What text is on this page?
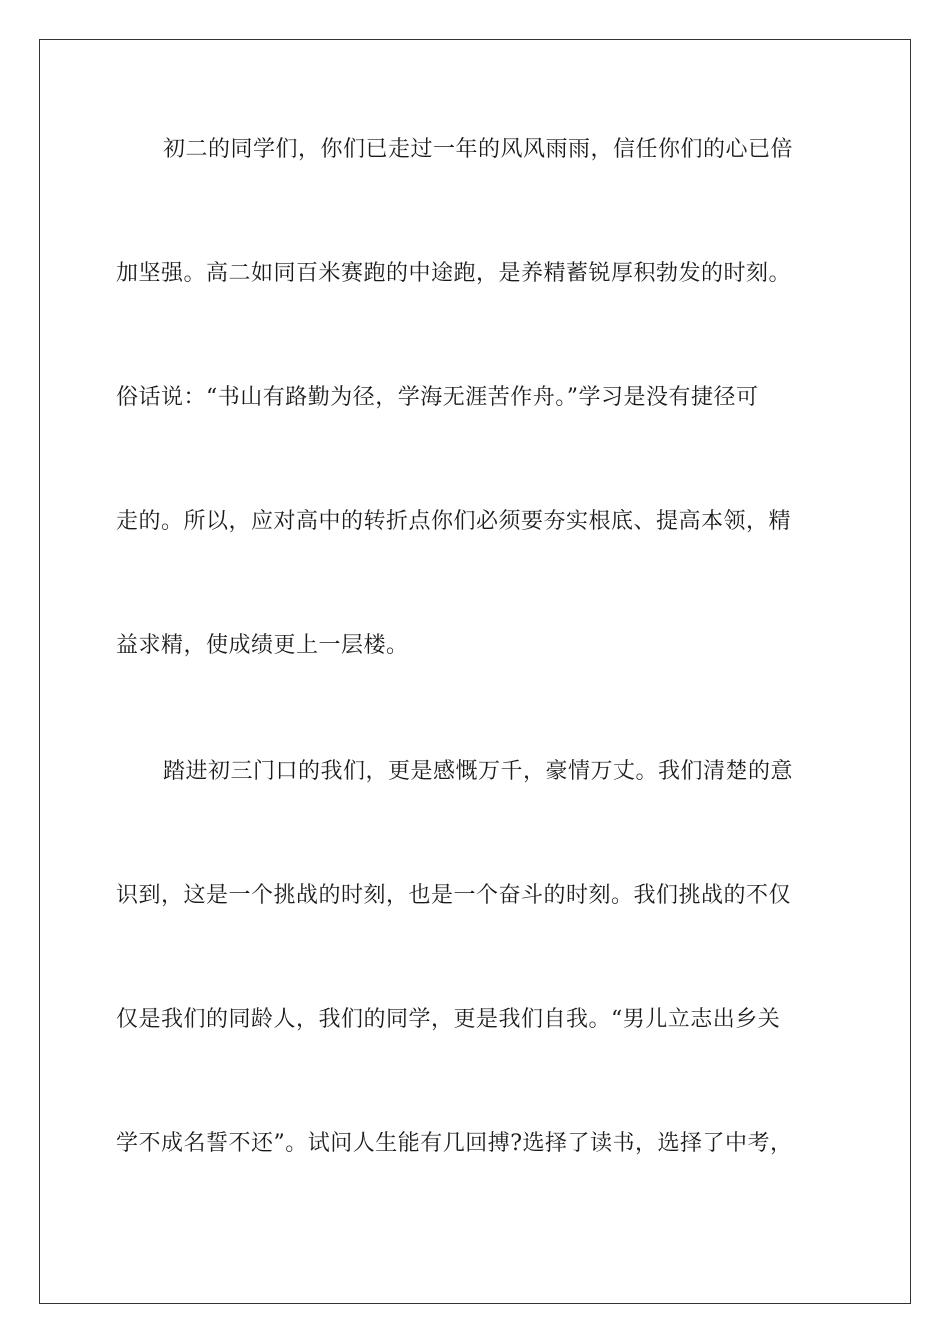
初二的同学们，你们已走过一年的风风雨雨，信任你们的心已倍
加坚强。高二如同百米赛跑的中途跑，是养精蓄锐厚积勃发的时刻。
俗话说：“书山有路勤为径，学海无涯苦作舟。”学习是没有捷径可
走的。所以，应对高中的转折点你们必须要夯实根底、提高本领，精
益求精，使成绩更上一层楼。
踏进初三门口的我们，更是感慨万千，豪情万丈。我们清楚的意
识到，这是一个挑战的时刻，也是一个奋斗的时刻。我们挑战的不仅
仅是我们的同龄人，我们的同学，更是我们自我。“男儿立志出乡关
学不成名誓不还”。试问人生能有几回搏?选择了读书，选择了中考，
